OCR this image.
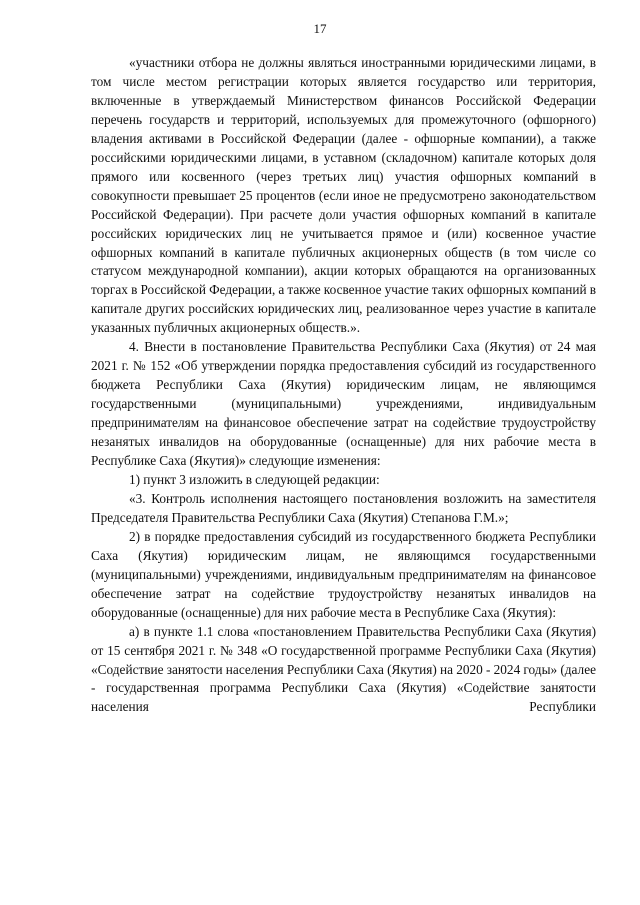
17

«участники отбора не должны являться иностранными юридическими лицами, в том числе местом регистрации которых является государство или территория, включенные в утверждаемый Министерством финансов Российской Федерации перечень государств и территорий, используемых для промежуточного (офшорного) владения активами в Российской Федерации (далее - офшорные компании), а также российскими юридическими лицами, в уставном (складочном) капитале которых доля прямого или косвенного (через третьих лиц) участия офшорных компаний в совокупности превышает 25 процентов (если иное не предусмотрено законодательством Российской Федерации). При расчете доли участия офшорных компаний в капитале российских юридических лиц не учитывается прямое и (или) косвенное участие офшорных компаний в капитале публичных акционерных обществ (в том числе со статусом международной компании), акции которых обращаются на организованных торгах в Российской Федерации, а также косвенное участие таких офшорных компаний в капитале других российских юридических лиц, реализованное через участие в капитале указанных публичных акционерных обществ.».

4. Внести в постановление Правительства Республики Саха (Якутия) от 24 мая 2021 г. № 152 «Об утверждении порядка предоставления субсидий из государственного бюджета Республики Саха (Якутия) юридическим лицам, не являющимся государственными (муниципальными) учреждениями, индивидуальным предпринимателям на финансовое обеспечение затрат на содействие трудоустройству незанятых инвалидов на оборудованные (оснащенные) для них рабочие места в Республике Саха (Якутия)» следующие изменения:

1) пункт 3 изложить в следующей редакции:

«3. Контроль исполнения настоящего постановления возложить на заместителя Председателя Правительства Республики Саха (Якутия) Степанова Г.М.»;

2) в порядке предоставления субсидий из государственного бюджета Республики Саха (Якутия) юридическим лицам, не являющимся государственными (муниципальными) учреждениями, индивидуальным предпринимателям на финансовое обеспечение затрат на содействие трудоустройству незанятых инвалидов на оборудованные (оснащенные) для них рабочие места в Республике Саха (Якутия):

а) в пункте 1.1 слова «постановлением Правительства Республики Саха (Якутия) от 15 сентября 2021 г. № 348 «О государственной программе Республики Саха (Якутия) «Содействие занятости населения Республики Саха (Якутия) на 2020 - 2024 годы» (далее - государственная программа Республики Саха (Якутия) «Содействие занятости населения Республики
